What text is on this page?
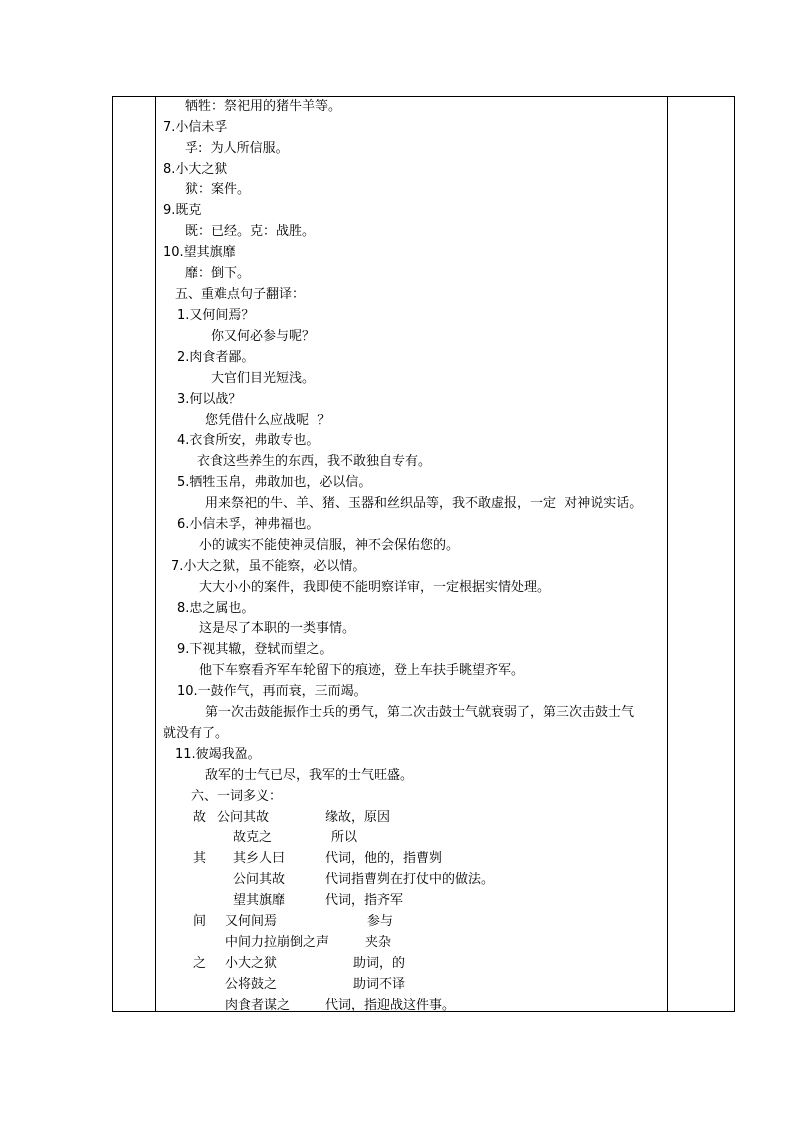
牺牲：祭祀用的猪牛羊等。
7.小信未孚
孚:  为人所信服。
8.小大之狱
狱：案件。
9.既克
既：已经。克：战胜。
10.望其旗靡
靡：倒下。
五、重难点句子翻译：
1.又何间焉？
你又何必参与呢？
2.肉食者鄙。
大官们目光短浅。
3.何以战？
您凭借什么应战呢  ？
4.衣食所安，弗敢专也。
衣食这些养生的东西，我不敢独自专有。
5.牺牲玉帛，弗敢加也，必以信。
用来祭祀的牛、羊、猪、玉器和丝织品等，我不敢虚报，一定  对神说实话。
6.小信未孚，神弗福也。
小的诚实不能使神灵信服，神不会保佑您的。
7.小大之狱，虽不能察，必以情。
大大小小的案件，我即使不能明察详审，一定根据实情处理。
8.忠之属也。
这是尽了本职的一类事情。
9.下视其辙，登轼而望之。
他下车察看齐军车轮留下的痕迹，登上车扶手眺望齐军。
10.一鼓作气，再而衰，三而竭。
第一次击鼓能振作士兵的勇气，第二次击鼓士气就衰弱了，第三次击鼓士气
就没有了。
11.彼竭我盈。
敌军的士气已尽，我军的士气旺盛。
六、一词多义：
故 公问其故	缘故，原因
故克之	所以
其 其乡人曰	代词，他的，指曹刿
公问其故	代词指曹刿在打仗中的做法。
望其旗靡	代词，指齐军
间 又何间焉	参与
中间力拉崩倒之声	夹杂
之 小大之狱	助词，的
公将鼓之	助词不译
肉食者谋之	代词，指迎战这件事。
